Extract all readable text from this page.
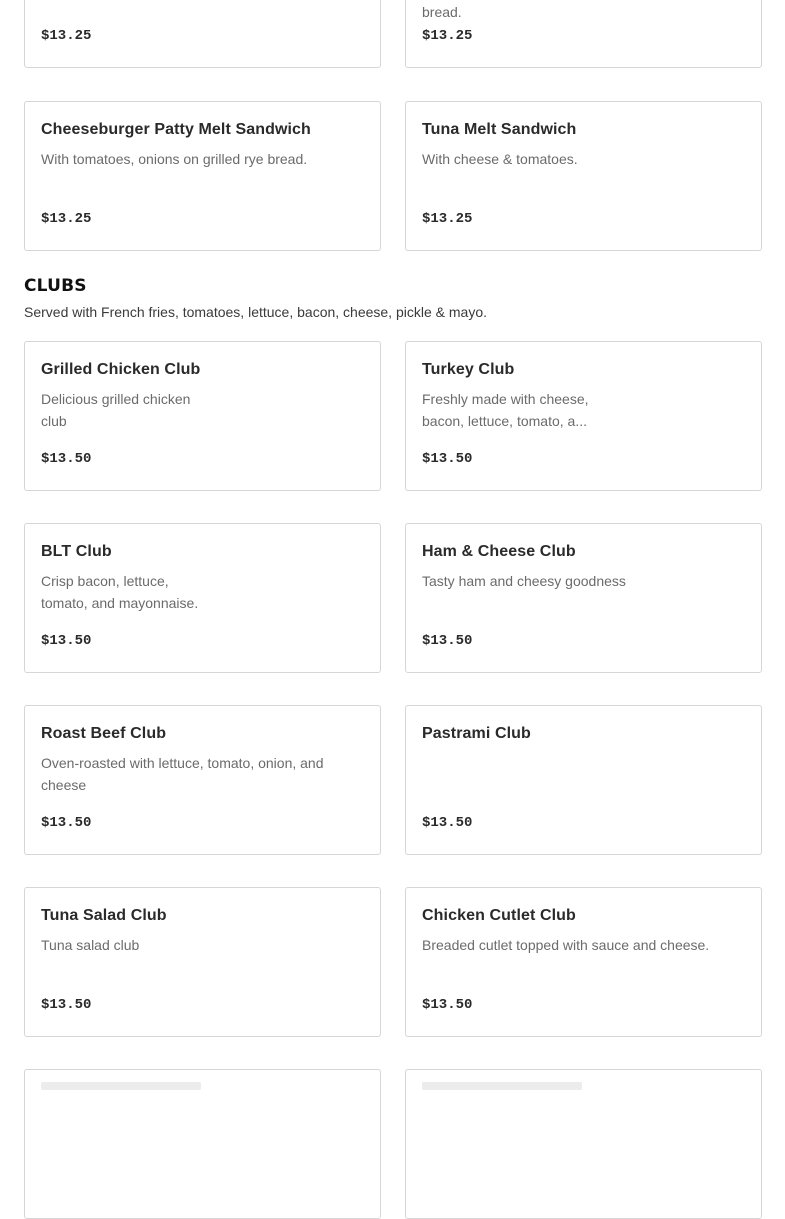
$13.25
bread.
$13.25
Cheeseburger Patty Melt Sandwich
With tomatoes, onions on grilled rye bread.
$13.25
Tuna Melt Sandwich
With cheese & tomatoes.
$13.25
CLUBS

Served with French fries, tomatoes, lettuce, bacon, cheese, pickle & mayo.

Grilled Chicken Club
Delicious grilled chicken
club
$13.50
Turkey Club
Freshly made with cheese,
bacon, lettuce, tomato, a...
$13.50
BLT Club
Crisp bacon, lettuce,
tomato, and mayonnaise.
$13.50
Ham & Cheese Club
Tasty ham and cheesy goodness
$13.50
Roast Beef Club
Oven-roasted with lettuce, tomato, onion, and
cheese
$13.50
Pastrami Club
$13.50
Tuna Salad Club
Tuna salad club
$13.50
Chicken Cutlet Club
Breaded cutlet topped with sauce and cheese.
$13.50
